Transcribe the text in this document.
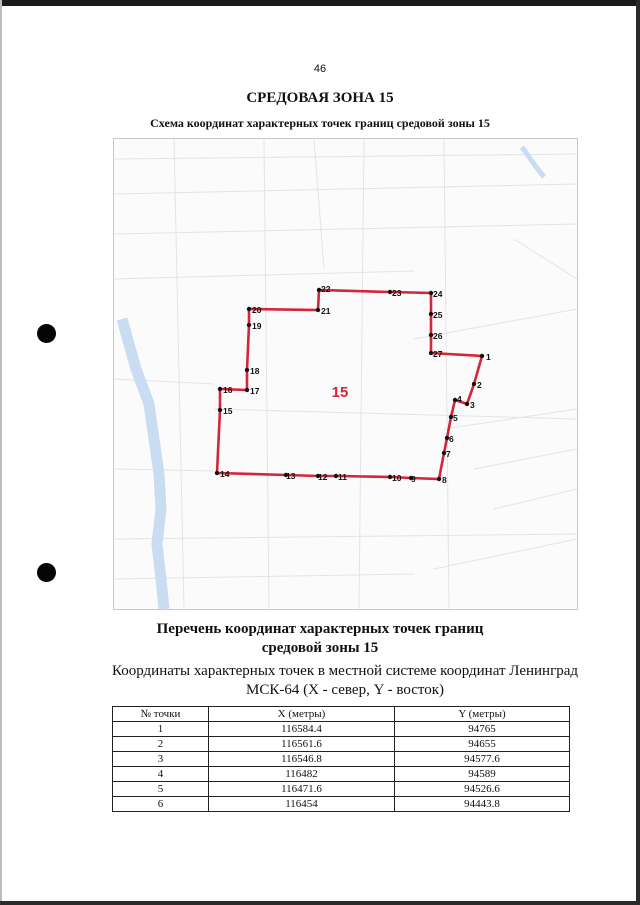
46
СРЕДОВАЯ ЗОНА 15
Схема координат характерных точек границ средовой зоны 15
1
2
3
4
5
6
7
8
9
10
11
12
13
14
15
16 17
18
19
20	21
22	23	24
25
26
27
15
Перечень координат характерных точек границ
средовой зоны 15
Координаты характерных точек в местной системе координат Ленинград
МСК-64 (X - север, Y - восток)
№ точки	X (метры)	Y (метры)
1	116584.4	94765
2	116561.6	94655
3	116546.8	94577.6
4	116482	94589
5	116471.6	94526.6
6	116454	94443.8
